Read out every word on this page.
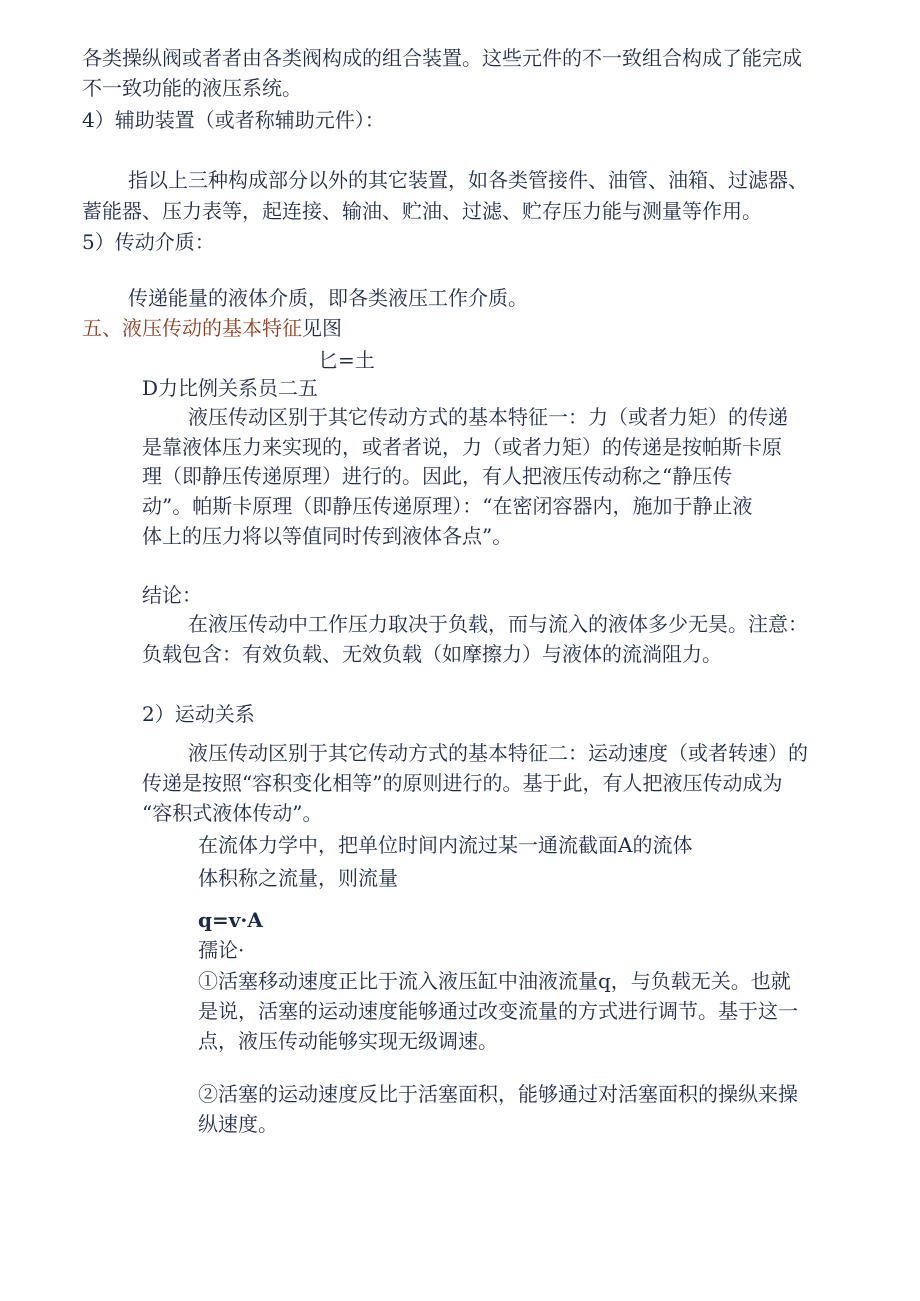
各类操纵阀或者者由各类阀构成的组合装置。这些元件的不一致组合构成了能完成

不一致功能的液压系统。

4）辅助装置（或者称辅助元件）：

指以上三种构成部分以外的其它装置，如各类管接件、油管、油箱、过滤器、

蓄能器、压力表等，起连接、输油、贮油、过滤、贮存压力能与测量等作用。

5）传动介质：

传递能量的液体介质，即各类液压工作介质。

五、液压传动的基本特征见图

匕=土

D力比例关系员二五

液压传动区别于其它传动方式的基本特征一：力（或者力矩）的传递

是靠液体压力来实现的，或者者说，力（或者力矩）的传递是按帕斯卡原

理（即静压传递原理）进行的。因此，有人把液压传动称之“静压传

动”。帕斯卡原理（即静压传递原理）：“在密闭容器内，施加于静止液

体上的压力将以等值同时传到液体各点”。

结论：

在液压传动中工作压力取决于负载，而与流入的液体多少无昊。注意：

负载包含：有效负载、无效负载（如摩擦力）与液体的流淌阻力。

2）运动关系

液压传动区别于其它传动方式的基本特征二：运动速度（或者转速）的

传递是按照“容积变化相等”的原则进行的。基于此，有人把液压传动成为

“容积式液体传动”。

在流体力学中，把单位时间内流过某一通流截面A的流体

体积称之流量，则流量

q=v·A

孺论·

①活塞移动速度正比于流入液压缸中油液流量q，与负载无关。也就

是说，活塞的运动速度能够通过改变流量的方式进行调节。基于这一

点，液压传动能够实现无级调速。

②活塞的运动速度反比于活塞面积，能够通过对活塞面积的操纵来操

纵速度。
